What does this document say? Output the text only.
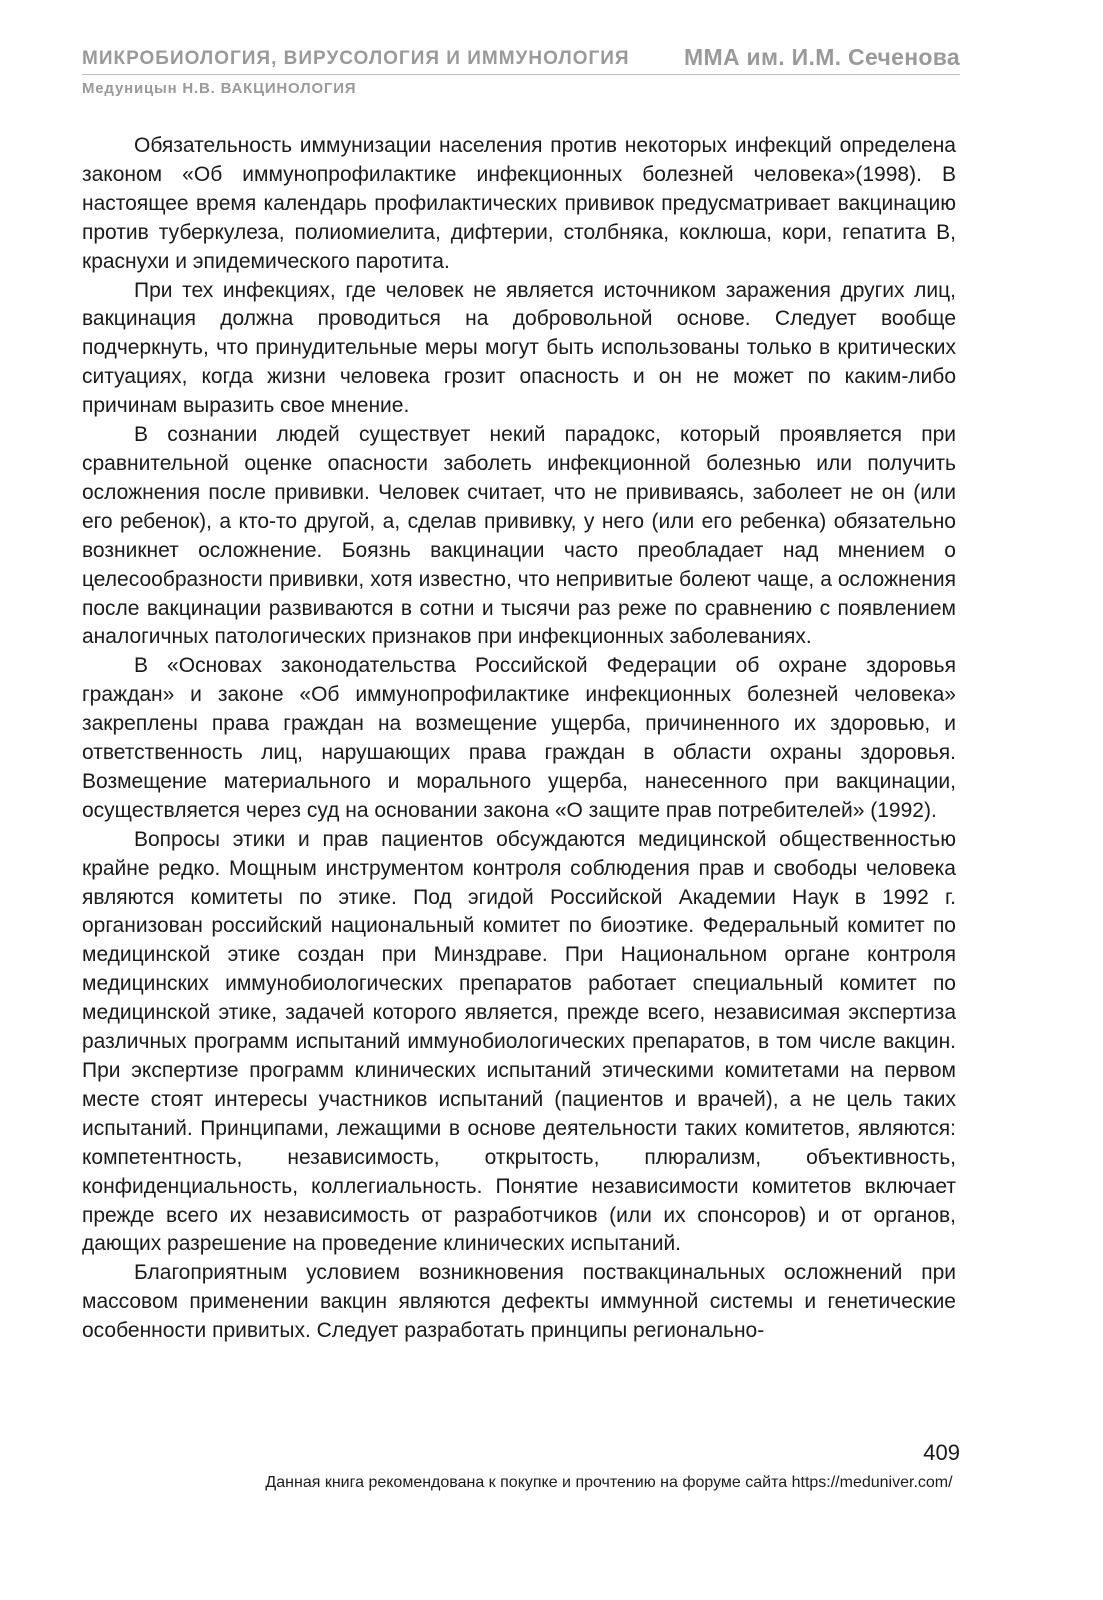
МИКРОБИОЛОГИЯ, ВИРУСОЛОГИЯ И ИММУНОЛОГИЯ ММА им. И.М. Сеченова
Медуницын Н.В. ВАКЦИНОЛОГИЯ

Обязательность иммунизации населения против некоторых инфекций определена законом «Об иммунопрофилактике инфекционных болезней человека»(1998). В настоящее время календарь профилактических прививок предусматривает вакцинацию против туберкулеза, полиомиелита, дифтерии, столбняка, коклюша, кори, гепатита В, краснухи и эпидемического паротита.

При тех инфекциях, где человек не является источником заражения других лиц, вакцинация должна проводиться на добровольной основе. Следует вообще подчеркнуть, что принудительные меры могут быть использованы только в критических ситуациях, когда жизни человека грозит опасность и он не может по каким-либо причинам выразить свое мнение.

В сознании людей существует некий парадокс, который проявляется при сравнительной оценке опасности заболеть инфекционной болезнью или получить осложнения после прививки. Человек считает, что не прививаясь, заболеет не он (или его ребенок), а кто-то другой, а, сделав прививку, у него (или его ребенка) обязательно возникнет осложнение. Боязнь вакцинации часто преобладает над мнением о целесообразности прививки, хотя известно, что непривитые болеют чаще, а осложнения после вакцинации развиваются в сотни и тысячи раз реже по сравнению с появлением аналогичных патологических признаков при инфекционных заболеваниях.

В «Основах законодательства Российской Федерации об охране здоровья граждан» и законе «Об иммунопрофилактике инфекционных болезней человека» закреплены права граждан на возмещение ущерба, причиненного их здоровью, и ответственность лиц, нарушающих права граждан в области охраны здоровья. Возмещение материального и морального ущерба, нанесенного при вакцинации, осуществляется через суд на основании закона «О защите прав потребителей» (1992).

Вопросы этики и прав пациентов обсуждаются медицинской общественностью крайне редко. Мощным инструментом контроля соблюдения прав и свободы человека являются комитеты по этике. Под эгидой Российской Академии Наук в 1992 г. организован российский национальный комитет по биоэтике. Федеральный комитет по медицинской этике создан при Минздраве. При Национальном органе контроля медицинских иммунобиологических препаратов работает специальный комитет по медицинской этике, задачей которого является, прежде всего, независимая экспертиза различных программ испытаний иммунобиологических препаратов, в том числе вакцин. При экспертизе программ клинических испытаний этическими комитетами на первом месте стоят интересы участников испытаний (пациентов и врачей), а не цель таких испытаний. Принципами, лежащими в основе деятельности таких комитетов, являются: компетентность, независимость, открытость, плюрализм, объективность, конфиденциальность, коллегиальность. Понятие независимости комитетов включает прежде всего их независимость от разработчиков (или их спонсоров) и от органов, дающих разрешение на проведение клинических испытаний.

Благоприятным условием возникновения поствакцинальных осложнений при массовом применении вакцин являются дефекты иммунной системы и генетические особенности привитых. Следует разработать принципы регионально-

409
Данная книга рекомендована к покупке и прочтению на форуме сайта https://meduniver.com/
